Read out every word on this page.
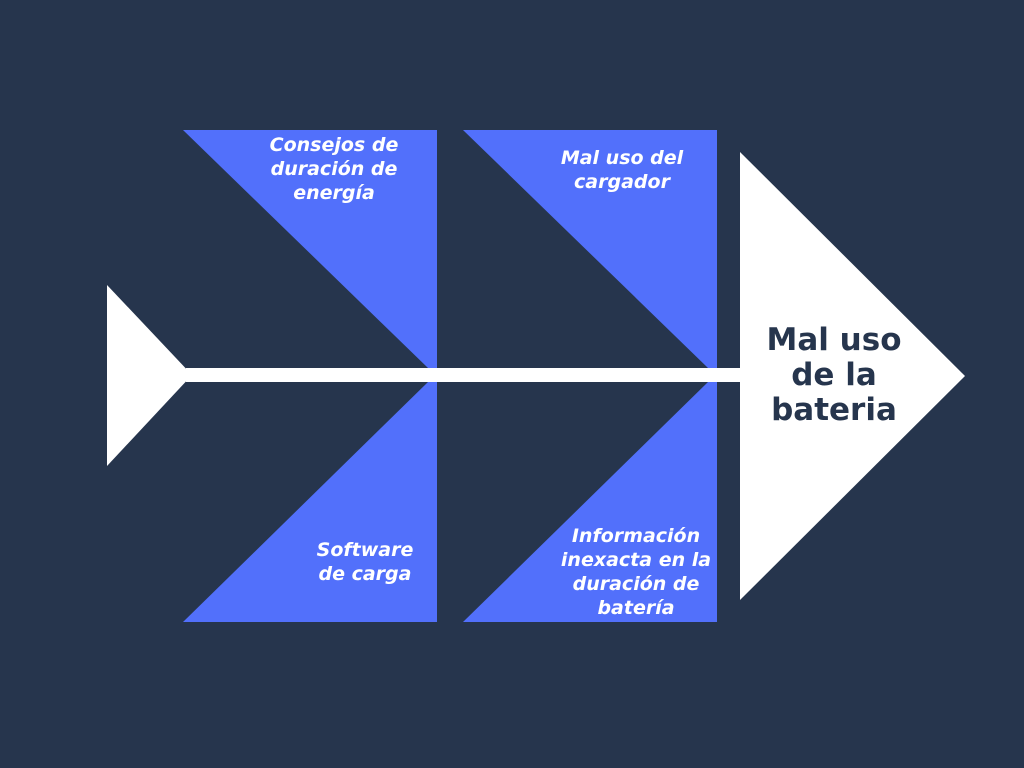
Consejos de
duración de
energía
Software
de carga
Mal uso del
cargador
Información
inexacta en la
duración de
batería
Mal uso
de la
bateria
